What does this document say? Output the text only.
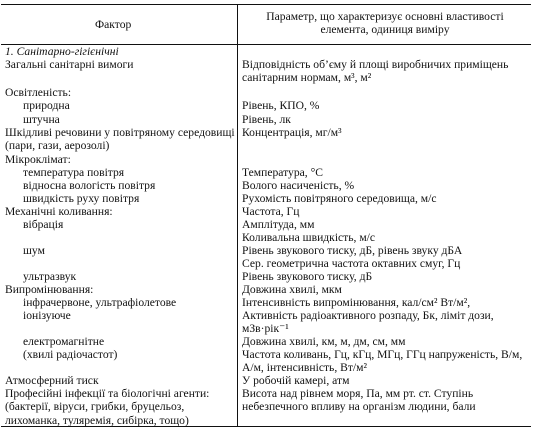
Фактор
Параметр, що характеризує основні властивості елемента, одиниця виміру
1. Санітарно-гігієнічні
Загальні санітарні вимоги
Освітленість:
природна
штучна
Шкідливі речовини у повітряному середовищі (пари, гази, аерозолі)
Мікроклімат:
температура повітря
відносна вологість повітря
швидкість руху повітря
Механічні коливання:
вібрація
шум
ультразвук
Випромінювання:
інфрачервоне, ультрафіолетове
іонізуюче
електромагнітне
(хвилі радіочастот)
Атмосферний тиск
Професійні інфекції та біологічні агенти: (бактерії, віруси, грибки, бруцельоз, лихоманка, туляремія, сибірка, тощо)
Відповідність об’єму й площі виробничих приміщень санітарним нормам, м³, м²
Рівень, КПО, %
Рівень, лк
Концентрація, мг/м³
Температура, °С
Волого насиченість, %
Рухомість повітряного середовища, м/с
Частота, Гц
Амплітуда, мм
Коливальна швидкість, м/с
Рівень звукового тиску, дБ, рівень звуку дБА
Сер. геометрична частота октавних смуг, Гц
Рівень звукового тиску, дБ
Довжина хвилі, мкм
Інтенсивність випромінювання, кал/см² Вт/м²,
Активність радіоактивного розпаду, Бк, ліміт дози, мЗв·рік⁻¹
Довжина хвилі, км, м, дм, см, мм
Частота коливань, Гц, кГц, МГц, ГГц напруженість, В/м, А/м, інтенсивність, Вт/м²
У робочій камері, атм
Висота над рівнем моря, Па, мм рт. ст. Ступінь небезпечного впливу на організм людини, бали
